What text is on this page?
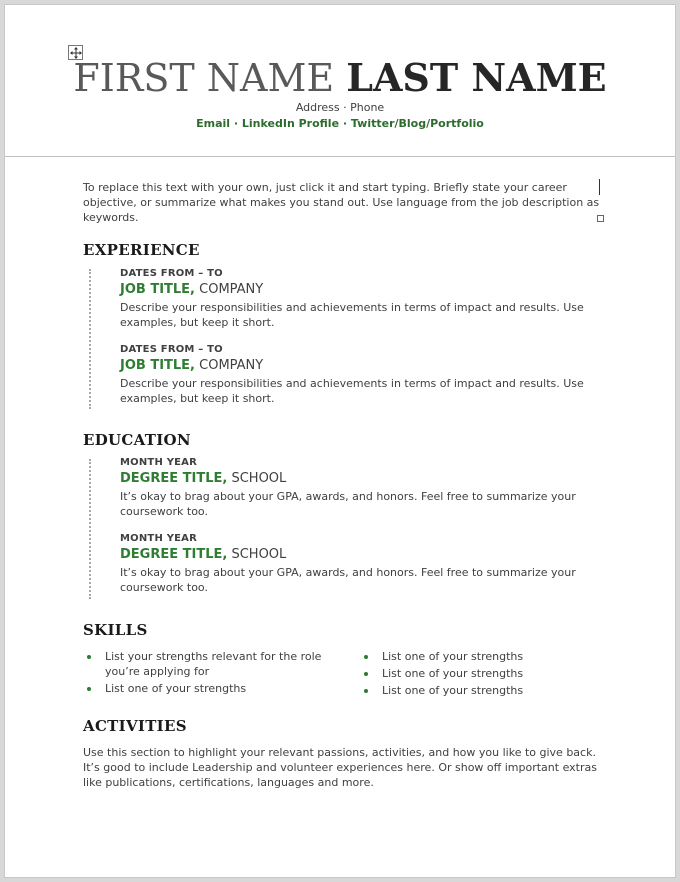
FIRST NAME LAST NAME
Address · Phone
Email · LinkedIn Profile · Twitter/Blog/Portfolio
To replace this text with your own, just click it and start typing. Briefly state your career objective, or summarize what makes you stand out. Use language from the job description as keywords.
EXPERIENCE
DATES FROM – TO
JOB TITLE, COMPANY
Describe your responsibilities and achievements in terms of impact and results. Use examples, but keep it short.
DATES FROM – TO
JOB TITLE, COMPANY
Describe your responsibilities and achievements in terms of impact and results. Use examples, but keep it short.
EDUCATION
MONTH YEAR
DEGREE TITLE, SCHOOL
It’s okay to brag about your GPA, awards, and honors. Feel free to summarize your coursework too.
MONTH YEAR
DEGREE TITLE, SCHOOL
It’s okay to brag about your GPA, awards, and honors. Feel free to summarize your coursework too.
SKILLS
List your strengths relevant for the role you’re applying for
List one of your strengths
List one of your strengths
List one of your strengths
List one of your strengths
ACTIVITIES
Use this section to highlight your relevant passions, activities, and how you like to give back. It’s good to include Leadership and volunteer experiences here. Or show off important extras like publications, certifications, languages and more.
